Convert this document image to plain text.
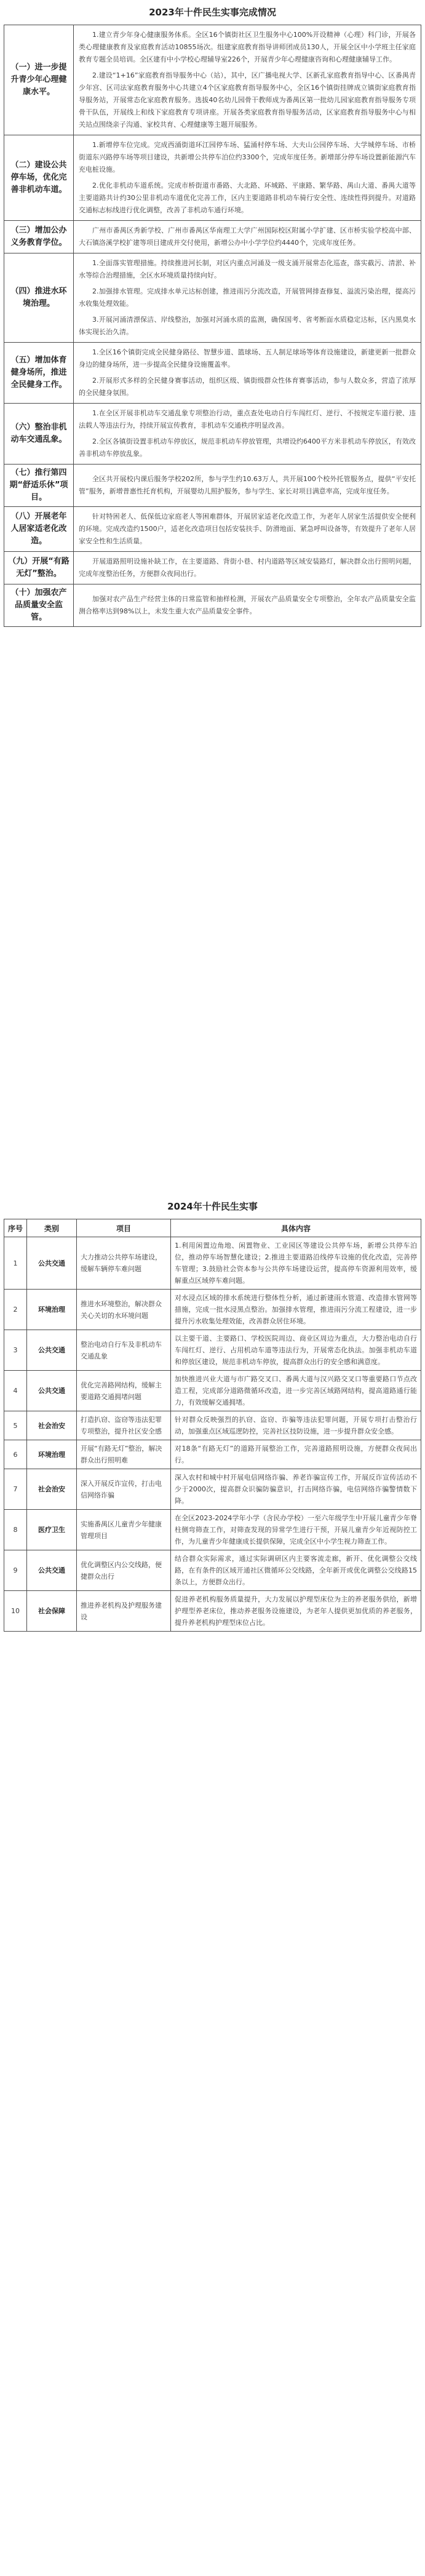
2023年十件民生实事完成情况
（一）进一步提升青少年心理健康水平。	1.建立青少年身心健康服务体系。全区16个镇街社区卫生服务中心100%开设精神（心理）科门诊，开展各类心理健康教育及家庭教育活动10855场次。组建家庭教育指导讲师团成员130人，开展全区中小学班主任家庭教育专题全员培训。全区建有中小学校心理辅导室226个，开展青少年心理健康咨询和心理健康辅导工作。

2.建设“1+16”家庭教育指导服务中心（站），其中，区广播电视大学、区新孔家庭教育指导中心、区番禺青少年宫、区司法家庭教育服务中心共建立4个区家庭教育指导服务中心，全区16个镇街挂牌成立镇街家庭教育指导服务站，开展常态化家庭教育服务。选拔40名幼儿园骨干教师成为番禺区第一批幼儿园家庭教育指导服务专项骨干队伍，开展线上和线下家庭教育专项讲座。开展各类家庭教育指导服务活动，区家庭教育指导服务中心与相关站点围绕亲子沟通、家校共育、心理健康等主题开展服务。

（二）建设公共停车场，优化完善非机动车道。	1.新增停车位完成。完成西涌街道环江园停车场、猛涌村停车场、大夫山公园停车场、大学城停车场、市桥街道东兴路停车场等项目建设，共新增公共停车泊位约3300个，完成年度任务。新增部分停车场设置新能源汽车充电桩设施。

2.优化非机动车道系统。完成市桥街道市番路、大北路、环城路、平康路、繁华路、禺山大道、番禺大道等主要道路共计约30公里非机动车道优化完善工作，区内主要道路非机动车骑行安全性、连续性得到提升。对道路交通标志标线进行优化调整，改善了非机动车通行环境。

（三）增加公办义务教育学位。	广州市番禺区秀新学校、广州市番禺区华南理工大学广州国际校区附属小学扩建、区市桥实验学校高中部、大石镇洛溪学校扩建等项目建成并交付使用，新增公办中小学学位约4440个，完成年度任务。

（四）推进水环境治理。	1.全面落实管理措施。持续推进河长制，对区内重点河涌及一级支涌开展常态化巡查，落实截污、清淤、补水等综合治理措施，全区水环境质量持续向好。

2.加强排水管理。完成排水单元达标创建，推进雨污分流改造，开展管网排查修复、溢流污染治理，提高污水收集处理效能。

3.开展河涌清漂保洁、岸线整治，加强对河涌水质的监测，确保国考、省考断面水质稳定达标，区内黑臭水体实现长治久清。

（五）增加体育健身场所，推进全民健身工作。	1.全区16个镇街完成全民健身路径、智慧步道、篮球场、五人制足球场等体育设施建设，新建更新一批群众身边的健身场所，进一步提高全民健身设施覆盖率。

2.开展形式多样的全民健身赛事活动，组织区级、镇街级群众性体育赛事活动，参与人数众多，营造了浓厚的全民健身氛围。

（六）整治非机动车交通乱象。	1.在全区开展非机动车交通乱象专项整治行动，重点查处电动自行车闯红灯、逆行、不按规定车道行驶、违法载人等违法行为，持续开展宣传教育，非机动车交通秩序明显改善。

2.全区各镇街设置非机动车停放区，规范非机动车停放管理，共增设约6400平方米非机动车停放区，有效改善非机动车停放乱象。

（七）推行第四期“舒适乐休”项目。	全区共开展校内课后服务学校202所，参与学生约10.63万人，共开展100个校外托管服务点，提供“平安托管”服务，新增普惠性托育机构，开展婴幼儿照护服务，参与学生、家长对项目满意率高，完成年度任务。

（八）开展老年人居家适老化改造。	针对特困老人、低保低边家庭老人等困难群体，开展居家适老化改造工作，为老年人居家生活提供安全便利的环境。完成改造约1500户，适老化改造项目包括安装扶手、防滑地面、紧急呼叫设备等，有效提升了老年人居家安全性和生活质量。

（九）开展“有路无灯”整治。	开展道路照明设施补缺工作，在主要道路、背街小巷、村内道路等区域安装路灯，解决群众出行照明问题，完成年度整治任务，方便群众夜间出行。

（十）加强农产品质量安全监管。	加强对农产品生产经营主体的日常监管和抽样检测，开展农产品质量安全专项整治，全年农产品质量安全监测合格率达到98%以上，未发生重大农产品质量安全事件。

2024年十件民生实事
序号	类别	项目	具体内容
1	公共交通	大力推动公共停车场建设，缓解车辆停车难问题	1.利用闲置边角地、闲置物业、工业园区等建设公共停车场，新增公共停车泊位，推动停车场智慧化建设；2.推进主要道路沿线停车设施的优化改造，完善停车管理；3.鼓励社会资本参与公共停车场建设运营，提高停车资源利用效率，缓解重点区域停车难问题。
2	环境治理	推进水环境整治，解决群众关心关切的水环境问题	对水浸点区域的排水系统进行整体性分析，通过新建雨水管道、改造排水管网等措施，完成一批水浸黑点整治。加强排水管理，推进雨污分流工程建设，进一步提升污水收集处理效能，改善群众居住环境。
3	公共交通	整治电动自行车及非机动车交通乱象	以主要干道、主要路口、学校医院周边、商业区周边为重点，大力整治电动自行车闯红灯、逆行、占用机动车道等违法行为，开展常态化执法。加强非机动车道和停放区建设，规范非机动车停放，提高群众出行的安全感和满意度。
4	公共交通	优化完善路网结构，缓解主要道路交通拥堵问题	加快推进兴业大道与市广路交叉口、番禺大道与汉兴路交叉口等重要路口节点改造工程，完成部分道路微循环改造，进一步完善区域路网结构，提高道路通行能力，有效缓解交通拥堵。
5	社会治安	打造扒窃、盗窃等违法犯罪专项整治，提升社区安全感	针对群众反映强烈的扒窃、盗窃、诈骗等违法犯罪问题，开展专项打击整治行动，加强重点区域巡逻防控，完善社区技防设施，进一步提升群众安全感。
6	环境治理	开展“有路无灯”整治，解决群众出行照明难	对18条“有路无灯”的道路开展整治工作，完善道路照明设施，方便群众夜间出行。
7	社会治安	深入开展反诈宣传，打击电信网络诈骗	深入农村和城中村开展电信网络诈骗、养老诈骗宣传工作，开展反诈宣传活动不少于2000次，提高群众识骗防骗意识，打击网络诈骗，电信网络诈骗警情数下降。
8	医疗卫生	实施番禺区儿童青少年健康管理项目	在全区2023-2024学年小学（含民办学校）一至六年级学生中开展儿童青少年脊柱侧弯筛查工作，对筛查发现的异常学生进行干预，开展儿童青少年近视防控工作，为儿童青少年健康成长提供保障，完成全区中小学生视力筛查工作。
9	公共交通	优化调整区内公交线路，便捷群众出行	结合群众实际需求，通过实际调研区内主要客流走廊，新开、优化调整公交线路，在有条件的区域开通社区微循环公交线路，全年新开或优化调整公交线路15条以上，方便群众出行。
10	社会保障	推进养老机构及护理服务建设	促进养老机构服务质量提升，大力发展以护理型床位为主的养老服务供给，新增护理型养老床位，推动养老服务设施建设，为老年人提供更加优质的养老服务，提升养老机构护理型床位占比。
